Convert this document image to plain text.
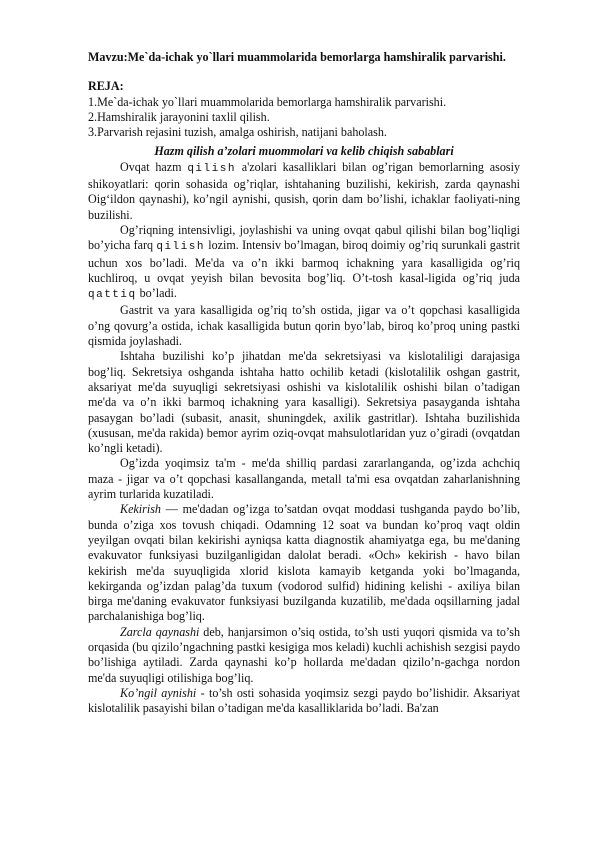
Mavzu:Me`da-ichak yo`llari muammolarida bemorlarga hamshiralik parvarishi.

REJA:

1.Me`da-ichak yo`llari muammolarida bemorlarga hamshiralik parvarishi.

2.Hamshiralik jarayonini taxlil qilish.

3.Parvarish rejasini tuzish, amalga oshirish, natijani baholash.

Hazm qilish a’zolari muommolari va kelib chiqish sabablari

Ovqat hazm qilish a'zolari kasalliklari bilan og’rigan bemorlarning asosiy shikoyatlari: qorin sohasida og’riqlar, ishtahaning buzilishi, kekirish, zarda qaynashi Oig‘ildon qaynashi), ko’ngil aynishi, qusish, qorin dam bo’lishi, ichaklar faoliyati-ning buzilishi.

Og’riqning intensivligi, joylashishi va uning ovqat qabul qilishi bilan bog’liqligi bo’yicha farq qilish lozim. Intensiv bo’lmagan, biroq doimiy og’riq surunkali gastrit uchun xos bo’ladi. Me'da va o’n ikki barmoq ichakning yara kasalligida og’riq kuchliroq, u ovqat yeyish bilan bevosita bog’liq. O’t-tosh kasal-ligida og’riq juda qattiq bo’ladi.

Gastrit va yara kasalligida og’riq to’sh ostida, jigar va o’t qopchasi kasalligida o’ng qovurg’a ostida, ichak kasalligida butun qorin byo’lab, biroq ko’proq uning pastki qismida joylashadi.

Ishtaha buzilishi ko’p jihatdan me'da sekretsiyasi va kislotaliligi darajasiga bog’liq. Sekretsiya oshganda ishtaha hatto ochilib ketadi (kislotalilik oshgan gastrit, aksariyat me'da suyuqligi sekretsiyasi oshishi va kislotalilik oshishi bilan o’tadigan me'da va o’n ikki barmoq ichakning yara kasalligi). Sekretsiya pasayganda ishtaha pasaygan bo’ladi (subasit, anasit, shuningdek, axilik gastritlar). Ishtaha buzilishida (xususan, me'da rakida) bemor ayrim oziq-ovqat mahsulotlaridan yuz o’giradi (ovqatdan ko’ngli ketadi).

Og’izda yoqimsiz ta'm - me'da shilliq pardasi zararlanganda, og’izda achchiq maza - jigar va o’t qopchasi kasallanganda, metall ta'mi esa ovqatdan zaharlanishning ayrim turlarida kuzatiladi.

Kekirish — me'dadan og’izga to’satdan ovqat moddasi tushganda paydo bo’lib, bunda o’ziga xos tovush chiqadi. Odamning 12 soat va bundan ko’proq vaqt oldin yeyilgan ovqati bilan kekirishi ayniqsa katta diagnostik ahamiyatga ega, bu me'daning evakuvator funksiyasi buzilganligidan dalolat beradi. «Och» kekirish - havo bilan kekirish me'da suyuqligida xlorid kislota kamayib ketganda yoki bo’lmaganda, kekirganda og’izdan palag’da tuxum (vodorod sulfid) hidining kelishi - axiliya bilan birga me'daning evakuvator funksiyasi buzilganda kuzatilib, me'dada oqsillarning jadal parchalanishiga bog’liq.

Zarcla qaynashi deb, hanjarsimon o’siq ostida, to’sh usti yuqori qismida va to’sh orqasida (bu qizilo’ngachning pastki kesigiga mos keladi) kuchli achishish sezgisi paydo bo’lishiga aytiladi. Zarda qaynashi ko’p hollarda me'dadan qizilo’n-gachga nordon me'da suyuqligi otilishiga bog’liq.

Ko’ngil aynishi - to’sh osti sohasida yoqimsiz sezgi paydo bo’lishidir. Aksariyat kislotalilik pasayishi bilan o’tadigan me'da kasalliklarida bo’ladi. Ba'zan
